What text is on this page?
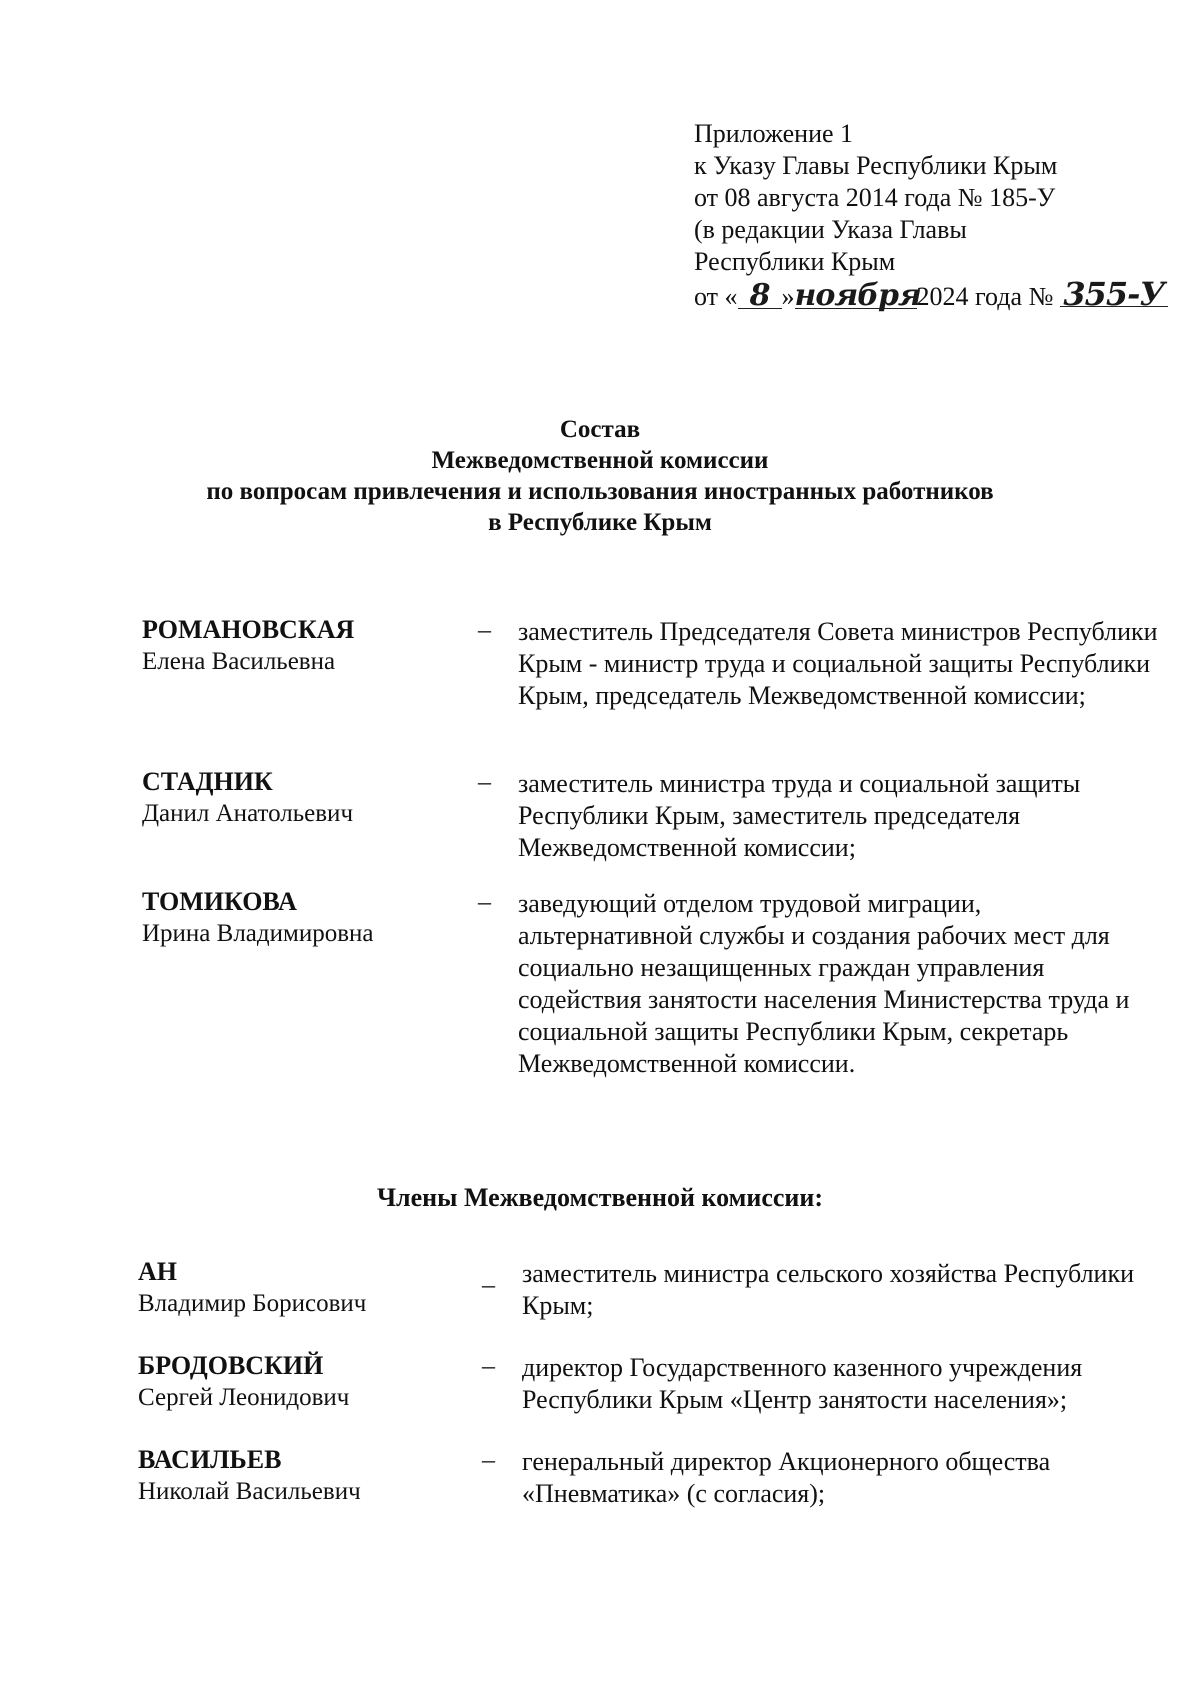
Приложение 1
к Указу Главы Республики Крым
от 08 августа 2014 года № 185-У
(в редакции Указа Главы
Республики Крым
от « 8 »ноября2024 года № 355-У
Состав
Межведомственной комиссии
по вопросам привлечения и использования иностранных работников
в Республике Крым
РОМАНОВСКАЯ
Елена Васильевна
– заместитель Председателя Совета министров Республики Крым - министр труда и социальной защиты Республики Крым, председатель Межведомственной комиссии;
СТАДНИК
Данил Анатольевич
– заместитель министра труда и социальной защиты Республики Крым, заместитель председателя Межведомственной комиссии;
ТОМИКОВА
Ирина Владимировна
– заведующий отделом трудовой миграции, альтернативной службы и создания рабочих мест для социально незащищенных граждан управления содействия занятости населения Министерства труда и социальной защиты Республики Крым, секретарь Межведомственной комиссии.
Члены Межведомственной комиссии:
АН
Владимир Борисович
_ заместитель министра сельского хозяйства Республики Крым;
БРОДОВСКИЙ
Сергей Леонидович
– директор Государственного казенного учреждения Республики Крым «Центр занятости населения»;
ВАСИЛЬЕВ
Николай Васильевич
– генеральный директор Акционерного общества «Пневматика» (с согласия);
